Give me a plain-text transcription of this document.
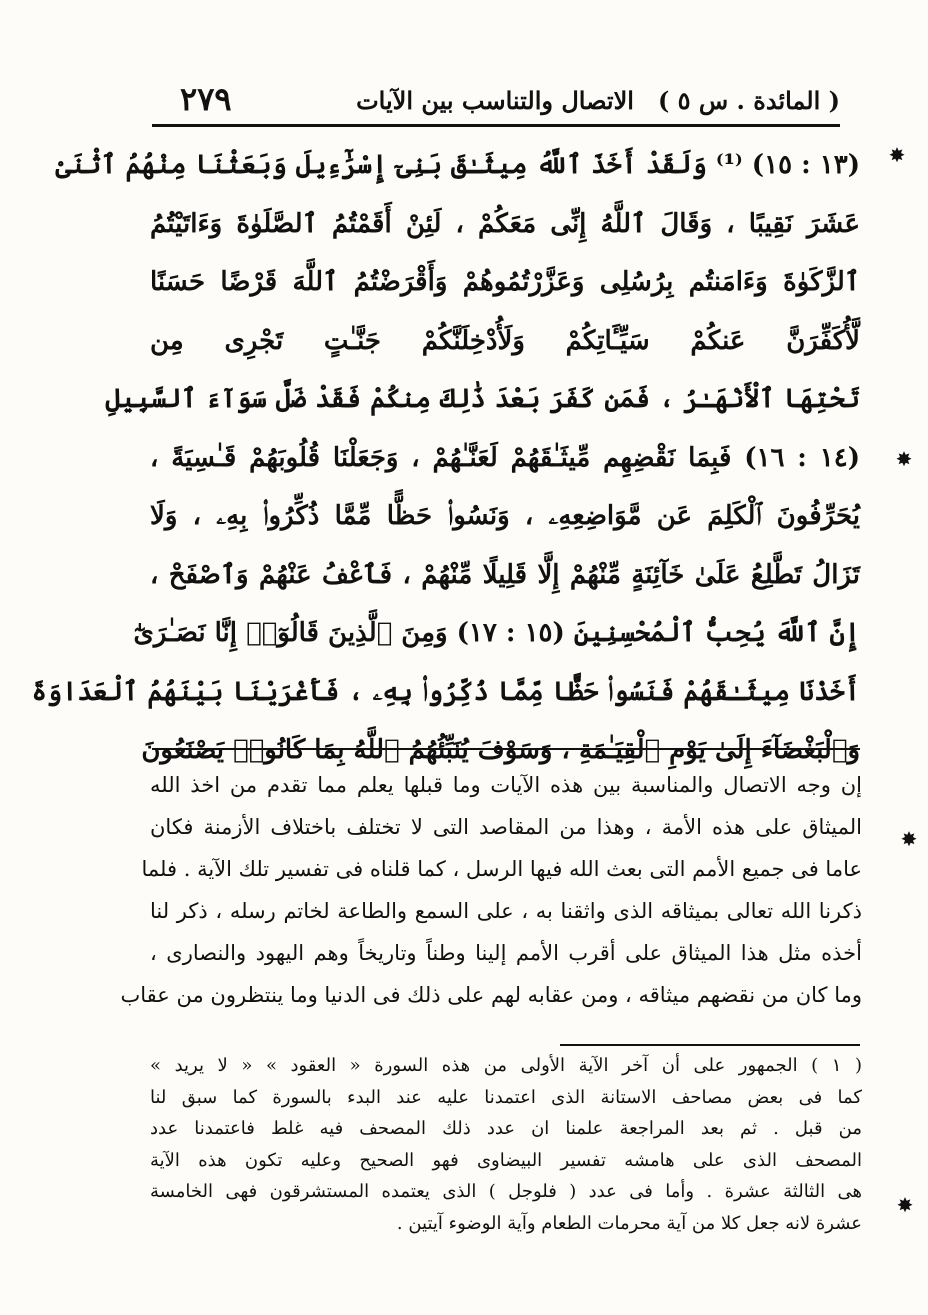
( المائدة . س ٥ )
الاتصال والتناسب بين الآيات
٢٧٩
(١٣ : ١٥) ⁽¹⁾ وَلَقَدْ أَخَذَ ٱللَّهُ مِيثَـٰقَ بَنِىٓ إِسْرَٰٓءِيلَ وَبَعَثْنَا مِنْهُمُ ٱثْنَىْ
عَشَرَ نَقِيبًا ، وَقَالَ ٱللَّهُ إِنِّى مَعَكُمْ ، لَئِنْ أَقَمْتُمُ ٱلصَّلَوٰةَ وَءَاتَيْتُمُ
ٱلزَّكَوٰةَ وَءَامَنتُم بِرُسُلِى وَعَزَّرْتُمُوهُمْ وَأَقْرَضْتُمُ ٱللَّهَ قَرْضًا حَسَنًا
لَّأُكَفِّرَنَّ عَنكُمْ سَيِّـَٔاتِكُمْ وَلَأُدْخِلَنَّكُمْ جَنَّـٰتٍ تَجْرِى مِن
تَحْتِهَا ٱلْأَنْهَـٰرُ ، فَمَن كَفَرَ بَعْدَ ذَٰلِكَ مِنكُمْ فَقَدْ ضَلَّ سَوَآءَ ٱلسَّبِيلِ
(١٤ : ١٦) فَبِمَا نَقْضِهِم مِّيثَـٰقَهُمْ لَعَنَّـٰهُمْ ، وَجَعَلْنَا قُلُوبَهُمْ قَـٰسِيَةً ،
يُحَرِّفُونَ ٱلْكَلِمَ عَن مَّوَاضِعِهِۦ ، وَنَسُوا۟ حَظًّا مِّمَّا ذُكِّرُوا۟ بِهِۦ ، وَلَا
تَزَالُ تَطَّلِعُ عَلَىٰ خَآئِنَةٍ مِّنْهُمْ إِلَّا قَلِيلًا مِّنْهُمْ ، فَٱعْفُ عَنْهُمْ وَٱصْفَحْ ،
إِنَّ ٱللَّهَ يُحِبُّ ٱلْمُحْسِنِينَ (١٥ : ١٧) وَمِنَ ٱلَّذِينَ قَالُوٓا۟ إِنَّا نَصَـٰرَىٰٓ
أَخَذْنَا مِيثَـٰقَهُمْ فَنَسُوا۟ حَظًّا مِّمَّا ذُكِّرُوا۟ بِهِۦ ، فَأَغْرَيْنَا بَيْنَهُمُ ٱلْعَدَاوَةَ
وَٱلْبَغْضَآءَ إِلَىٰ يَوْمِ ٱلْقِيَـٰمَةِ ، وَسَوْفَ يُنَبِّئُهُمُ ٱللَّهُ بِمَا كَانُوا۟ يَصْنَعُونَ
إن وجه الاتصال والمناسبة بين هذه الآيات وما قبلها يعلم مما تقدم من اخذ الله
الميثاق على هذه الأمة ، وهذا من المقاصد التى لا تختلف باختلاف الأزمنة فكان
عاما فى جميع الأمم التى بعث الله فيها الرسل ، كما قلناه فى تفسير تلك الآية . فلما
ذكرنا الله تعالى بميثاقه الذى واثقنا به ، على السمع والطاعة لخاتم رسله ، ذكر لنا
أخذه مثل هذا الميثاق على أقرب الأمم إلينا وطناً وتاريخاً وهم اليهود والنصارى ،
وما كان من نقضهم ميثاقه ، ومن عقابه لهم على ذلك فى الدنيا وما ينتظرون من عقاب
( ١ ) الجمهور على أن آخر الآية الأولى من هذه السورة « العقود » « لا يريد »
كما فى بعض مصاحف الاستانة الذى اعتمدنا عليه عند البدء بالسورة كما سبق لنا
من قبل . ثم بعد المراجعة علمنا ان عدد ذلك المصحف فيه غلط فاعتمدنا عدد
المصحف الذى على هامشه تفسير البيضاوى فهو الصحيح وعليه تكون هذه الآية
هى الثالثة عشرة . وأما فى عدد ( فلوجل ) الذى يعتمده المستشرقون فهى الخامسة
عشرة لانه جعل كلا من آية محرمات الطعام وآية الوضوء آيتين .
✸
✸
✸
✸
